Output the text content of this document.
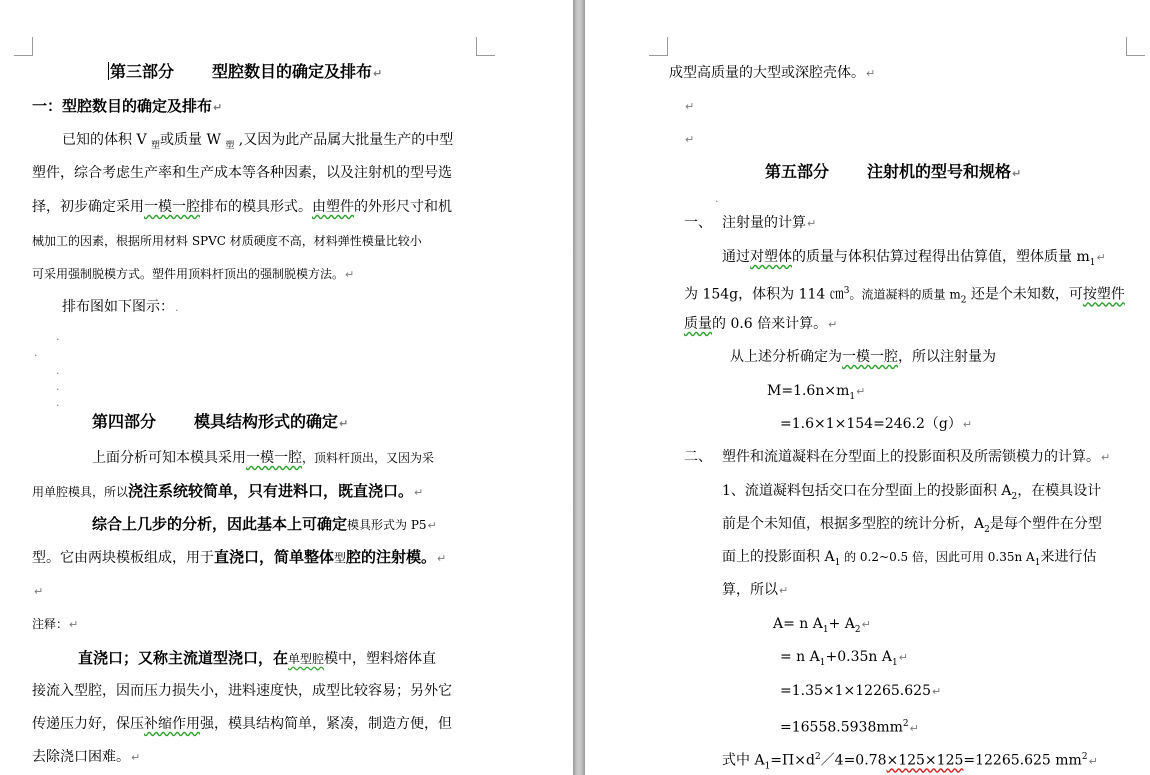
第三部分 型腔数目的确定及排布↵
一：型腔数目的确定及排布↵
已知的体积 V $_塑$或质量 W $_塑$ ,又因为此产品属大批量生产的中型
塑件，综合考虑生产率和生产成本等各种因素，以及注射机的型号选
择，初步确定采用一模一腔排布的模具形式。由塑件的外形尺寸和机
械加工的因素，根据所用材料 SPVC 材质硬度不高，材料弹性模量比较小
可采用强制脱模方式。塑件用顶料杆顶出的强制脱模方法。↵
排布图如下图示：.
.
.
.
.
.
第四部分 模具结构形式的确定↵
上面分析可知本模具采用一模一腔，顶料杆顶出，又因为采
用单腔模具，所以浇注系统较简单，只有进料口，既直浇口。↵
综合上几步的分析，因此基本上可确定模具形式为 P5↵
型。它由两块模板组成，用于直浇口，简单整体型腔的注射模。↵
↵
注释：↵
直浇口；又称主流道型浇口，在单型腔模中，塑料熔体直
接流入型腔，因而压力损失小，进料速度快，成型比较容易；另外它
传递压力好，保压补缩作用强，模具结构简单，紧凑，制造方便，但
去除浇口困难。↵
成型高质量的大型或深腔壳体。↵
↵
↵
第五部分 注射机的型号和规格↵
.
一、 注射量的计算↵
通过对塑体的质量与体积估算过程得出估算值，塑体质量 $m_1↵$
为 154g，体积为 114 ㎝$^3$。流道凝料的质量 $m_2$ 还是个未知数，可按塑件
质量的 0.6 倍来计算。↵
从上述分析确定为一模一腔，所以注射量为
$M=1.6n\times m_1↵$
=1.6×1×154=246.2（g）↵
二、 塑件和流道凝料在分型面上的投影面积及所需锁模力的计算。↵
1、流道凝料包括交口在分型面上的投影面积 $A_2$，在模具设计
前是个未知值，根据多型腔的统计分析，$A_2$是每个塑件在分型
面上的投影面积 $A_1$ 的 0.2~0.5 倍，因此可用 0.35n $A_1$来进行估
算，所以↵
A= n $A_1+$ $A_2↵$
= n $A_1+0.35n$ $A_1↵$
=1.35×1×12265.625↵
$=16558.5938mm^2↵$
式中 $A_1=П\times d^2/4=0.78\times 125\times 125=12265.625$ $mm^2↵$
